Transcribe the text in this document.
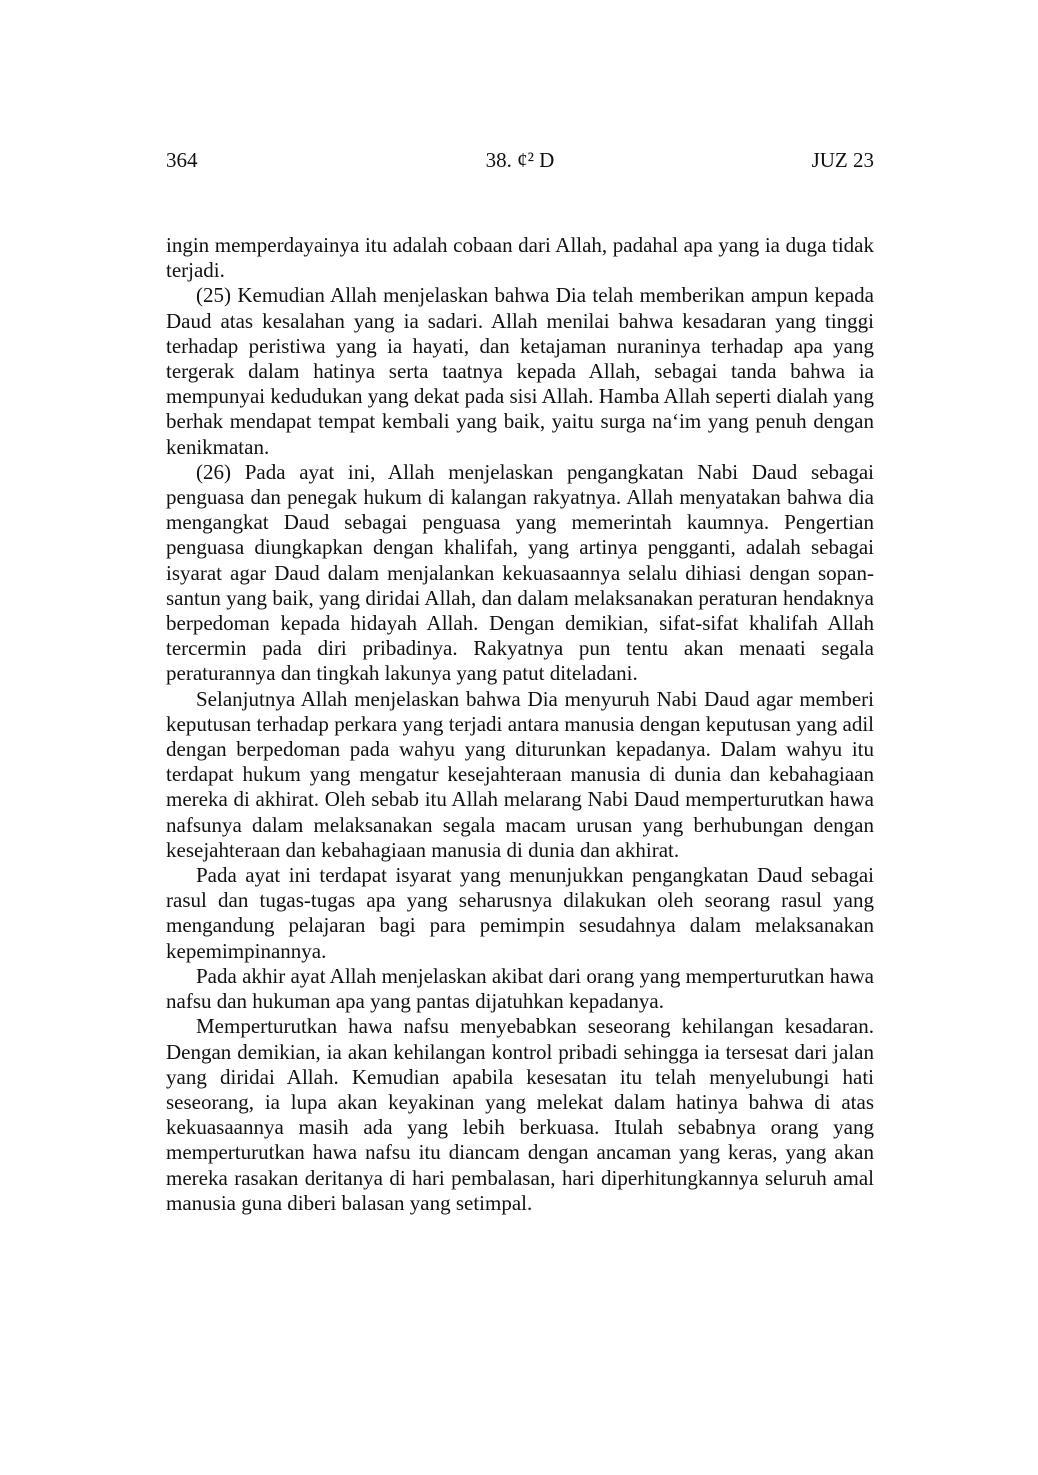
364	38. ¢² D	JUZ 23

ingin memperdayainya itu adalah cobaan dari Allah, padahal apa yang ia duga tidak terjadi.

(25) Kemudian Allah menjelaskan bahwa Dia telah memberikan ampun kepada Daud atas kesalahan yang ia sadari. Allah menilai bahwa kesadaran yang tinggi terhadap peristiwa yang ia hayati, dan ketajaman nuraninya terhadap apa yang tergerak dalam hatinya serta taatnya kepada Allah, sebagai tanda bahwa ia mempunyai kedudukan yang dekat pada sisi Allah. Hamba Allah seperti dialah yang berhak mendapat tempat kembali yang baik, yaitu surga na‘im yang penuh dengan kenikmatan.

(26) Pada ayat ini, Allah menjelaskan pengangkatan Nabi Daud sebagai penguasa dan penegak hukum di kalangan rakyatnya. Allah menyatakan bahwa dia mengangkat Daud sebagai penguasa yang memerintah kaumnya. Pengertian penguasa diungkapkan dengan khalifah, yang artinya pengganti, adalah sebagai isyarat agar Daud dalam menjalankan kekuasaannya selalu dihiasi dengan sopan-santun yang baik, yang diridai Allah, dan dalam melaksanakan peraturan hendaknya berpedoman kepada hidayah Allah. Dengan demikian, sifat-sifat khalifah Allah tercermin pada diri pribadinya. Rakyatnya pun tentu akan menaati segala peraturannya dan tingkah lakunya yang patut diteladani.

Selanjutnya Allah menjelaskan bahwa Dia menyuruh Nabi Daud agar memberi keputusan terhadap perkara yang terjadi antara manusia dengan keputusan yang adil dengan berpedoman pada wahyu yang diturunkan kepadanya. Dalam wahyu itu terdapat hukum yang mengatur kesejahteraan manusia di dunia dan kebahagiaan mereka di akhirat. Oleh sebab itu Allah melarang Nabi Daud memperturutkan hawa nafsunya dalam melaksanakan segala macam urusan yang berhubungan dengan kesejahteraan dan kebahagiaan manusia di dunia dan akhirat.

Pada ayat ini terdapat isyarat yang menunjukkan pengangkatan Daud sebagai rasul dan tugas-tugas apa yang seharusnya dilakukan oleh seorang rasul yang mengandung pelajaran bagi para pemimpin sesudahnya dalam melaksanakan kepemimpinannya.

Pada akhir ayat Allah menjelaskan akibat dari orang yang memperturutkan hawa nafsu dan hukuman apa yang pantas dijatuhkan kepadanya.

Memperturutkan hawa nafsu menyebabkan seseorang kehilangan kesadaran. Dengan demikian, ia akan kehilangan kontrol pribadi sehingga ia tersesat dari jalan yang diridai Allah. Kemudian apabila kesesatan itu telah menyelubungi hati seseorang, ia lupa akan keyakinan yang melekat dalam hatinya bahwa di atas kekuasaannya masih ada yang lebih berkuasa. Itulah sebabnya orang yang memperturutkan hawa nafsu itu diancam dengan ancaman yang keras, yang akan mereka rasakan deritanya di hari pembalasan, hari diperhitungkannya seluruh amal manusia guna diberi balasan yang setimpal.
